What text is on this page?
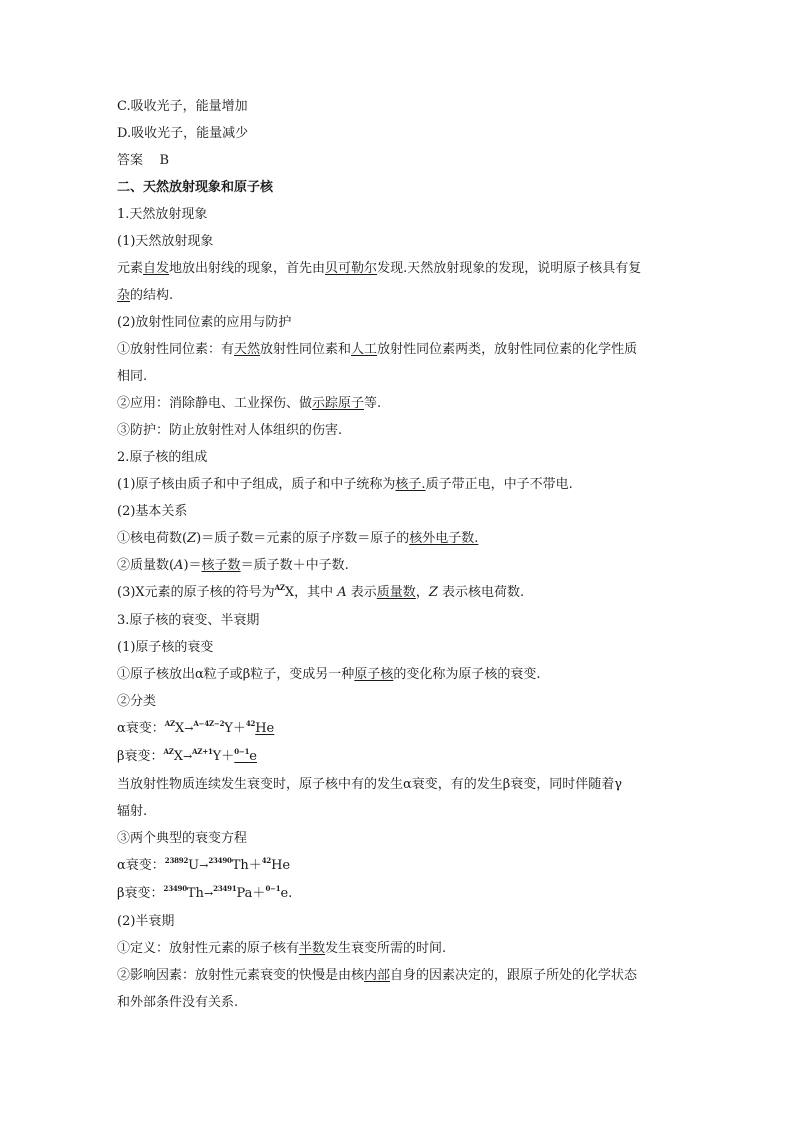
C.吸收光子，能量增加

D.吸收光子，能量减少

答案 B

二、天然放射现象和原子核

1.天然放射现象

(1)天然放射现象

元素自发地放出射线的现象，首先由贝可勒尔发现.天然放射现象的发现，说明原子核具有复
杂的结构.

(2)放射性同位素的应用与防护

①放射性同位素：有天然放射性同位素和人工放射性同位素两类，放射性同位素的化学性质
相同.

②应用：消除静电、工业探伤、做示踪原子等.

③防护：防止放射性对人体组织的伤害.

2.原子核的组成

(1)原子核由质子和中子组成，质子和中子统称为核子.质子带正电，中子不带电.

(2)基本关系

①核电荷数(Z)＝质子数＝元素的原子序数＝原子的核外电子数.

②质量数(A)＝核子数＝质子数＋中子数.

(3)X元素的原子核的符号为$^{AZ}$X，其中 A 表示质量数，Z 表示核电荷数.

3.原子核的衰变、半衰期

(1)原子核的衰变

①原子核放出α粒子或β粒子，变成另一种原子核的变化称为原子核的衰变.

②分类

α衰变：$^{AZ}$X→$^{A-4Z-2}$Y＋$^{42}$He

β衰变：$^{AZ}$X→$^{AZ+1}$Y＋$^{0-1}$e

当放射性物质连续发生衰变时，原子核中有的发生α衰变，有的发生β衰变，同时伴随着γ
辐射.

③两个典型的衰变方程

α衰变：$^{23892}$U→$^{23490}$Th＋$^{42}$He

β衰变：$^{23490}$Th→$^{23491}$Pa＋$^{0-1}$e.

(2)半衰期

①定义：放射性元素的原子核有半数发生衰变所需的时间.

②影响因素：放射性元素衰变的快慢是由核内部自身的因素决定的，跟原子所处的化学状态
和外部条件没有关系.
